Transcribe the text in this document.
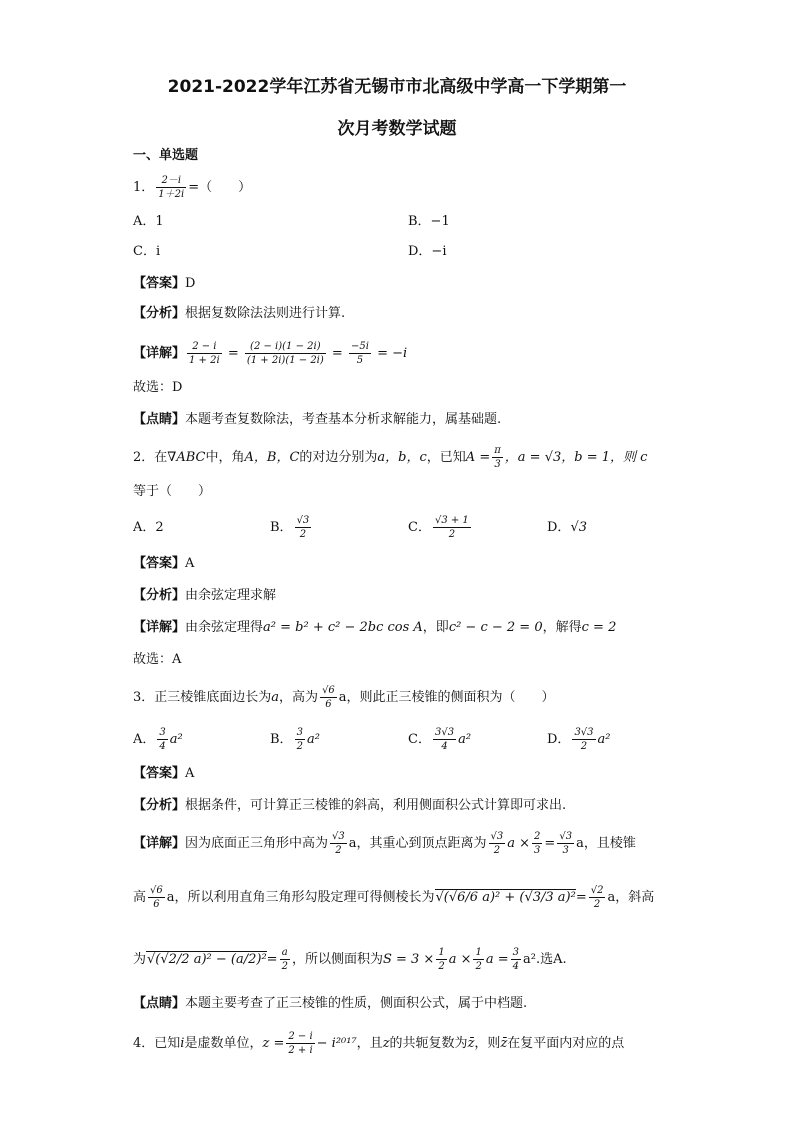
2021-2022学年江苏省无锡市市北高级中学高一下学期第一
次月考数学试题
一、单选题
1． $\frac{2-i}{1+2i}$ =（　　）
A．1	B．−1
C．i	D．−i
【答案】D
【分析】根据复数除法法则进行计算.
【详解】 $\frac{2 - i}{1 + 2i} = \frac{(2 - i)(1 - 2i)}{(1 + 2i)(1 - 2i)} = \frac{-5i}{5} = -i$
故选：D
【点睛】本题考查复数除法，考查基本分析求解能力，属基础题.
2．在∇ABC中，角A，B，C的对边分别为a，b，c，已知$A = \frac{\pi}{3}$ ，a = √3，b = 1，则 c
等于（　　）
A．2	B． $\frac{√3}{2}$	C． $\frac{√3 + 1}{2}$	D．√3
【答案】A
【分析】由余弦定理求解
【详解】由余弦定理得a² = b² + c² − 2bc cos A，即c² − c − 2 = 0，解得c = 2
故选：A
3．正三棱锥底面边长为a，高为 $\frac{√6}{6}$ a，则此正三棱锥的侧面积为（　　）
A． $\frac{3}{4} a^2$	B． $\frac{3}{2} a^2$	C． $\frac{3√3}{4} a^2$	D． $\frac{3√3}{2} a^2$
【答案】A
【分析】根据条件，可计算正三棱锥的斜高，利用侧面积公式计算即可求出.
【详解】因为底面正三角形中高为 $\frac{√3}{2}$ a，其重心到顶点距离为 $\frac{√3}{2}$ $a \times \frac{2}{3} = \frac{√3}{3}$ a，且棱锥
高 $\frac{√6}{6}$ a，所以利用直角三角形勾股定理可得侧棱长为√(√6/6 a)² + (√3/3 $a)^2= \frac{√2}{2}$ a，斜高
为√(√2/2 $a)^2 - (a/2)^2= \frac{a}{2}$ ，所以侧面积为$S = 3 \times \frac{1}{2}$ $a \times \frac{1}{2}$ $a = \frac{3}{4} a^2$.选A.
【点睛】本题主要考查了正三棱锥的性质，侧面积公式，属于中档题.
4．已知i是虚数单位，$z = \frac{2 - i}{2 + i} - i^{2017}$，且z的共轭复数为z̄，则z̄在复平面内对应的点
